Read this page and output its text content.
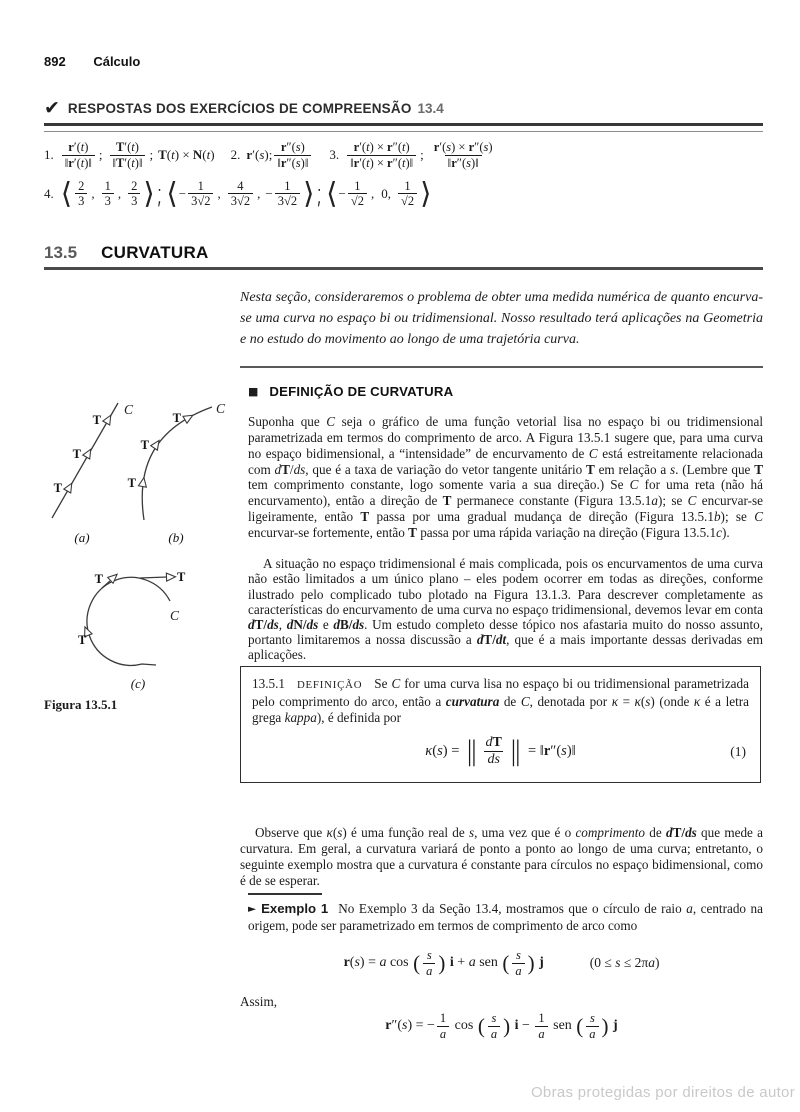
892 Cálculo
✔ RESPOSTAS DOS EXERCÍCIOS DE COMPREENSÃO 13.4
1. $\frac{r'(t)}{‖r'(t)‖}$ ; $\frac{T'(t)}{‖T'(t)‖}$ ; T(t) × N(t) 2. r′(s); $\frac{r''(s)}{‖r''(s)‖} 3$. $\frac{r'(t) \times r''(t)}{‖r'(t) \times r''(t)‖}$ ; $\frac{r'(s) \times r''(s)}{‖r''(s)‖}$
4. ⟨ $\frac{2}{3}$ , $\frac{1}{3}$ , $\frac{2}{3}$ ⟩; ⟨ − $\frac{1}{3√2}$ , $\frac{4}{3√2}$ , − $\frac{1}{3√2}$ ⟩; ⟨ − $\frac{1}{√2}$ , 0, $\frac{1}{√2}$ ⟩
13.5 CURVATURA
Nesta seção, consideraremos o problema de obter uma medida numérica de quanto encurva-se uma curva no espaço bi ou tridimensional. Nosso resultado terá aplicações na Geometria e no estudo do movimento ao longo de uma trajetória curva.
■ DEFINIÇÃO DE CURVATURA

Suponha que C seja o gráfico de uma função vetorial lisa no espaço bi ou tridimensional parametrizada em termos do comprimento de arco. A Figura 13.5.1 sugere que, para uma curva no espaço bidimensional, a “intensidade” de encurvamento de C está estreitamente relacionada com dT/ds, que é a taxa de variação do vetor tangente unitário T em relação a s. (Lembre que T tem comprimento constante, logo somente varia a sua direção.) Se C for uma reta (não há encurvamento), então a direção de T permanece constante (Figura 13.5.1a); se C encurvar-se ligeiramente, então T passa por uma gradual mudança de direção (Figura 13.5.1b); se C encurvar-se fortemente, então T passa por uma rápida variação na direção (Figura 13.5.1c).

A situação no espaço tridimensional é mais complicada, pois os encurvamentos de uma curva não estão limitados a um único plano – eles podem ocorrer em todas as direções, conforme ilustrado pelo complicado tubo plotado na Figura 13.1.3. Para descrever completamente as características do encurvamento de uma curva no espaço tridimensional, devemos levar em conta dT/ds, dN/ds e dB/ds. Um estudo completo desse tópico nos afastaria muito do nosso assunto, portanto limitaremos a nossa discussão a dT/dt, que é a mais importante dessas derivadas em aplicações.

13.5.1 DEFINIÇÃO Se C for uma curva lisa no espaço bi ou tridimensional parametrizada pelo comprimento do arco, então a curvatura de C, denotada por κ = κ(s) (onde κ é a letra grega kappa), é definida por
κ(s) = ‖ $\frac{dT}{ds}$ ‖ = ‖r″(s)‖	(1)

Observe que κ(s) é uma função real de s, uma vez que é o comprimento de dT/ds que mede a curvatura. Em geral, a curvatura variará de ponto a ponto ao longo de uma curva; entretanto, o seguinte exemplo mostra que a curvatura é constante para círculos no espaço bidimensional, como é de se esperar.

► Exemplo 1 No Exemplo 3 da Seção 13.4, mostramos que o círculo de raio a, centrado na origem, pode ser parametrizado em termos de comprimento de arco como

r(s) = a cos ( $\frac{s}{a}$ ) i + a sen ( $\frac{s}{a}$ ) j	(0 ≤ s ≤ 2πa)
Assim,
r″(s) = − $\frac{1}{a}$ cos ( $\frac{s}{a}$ ) $i - \frac{1}{a}$ sen ( $\frac{s}{a}$ ) j
T
T
T
C
(a)
T
T
T
C
(b)
T	T
T
C
(c)
Figura 13.5.1
Obras protegidas por direitos de autor
